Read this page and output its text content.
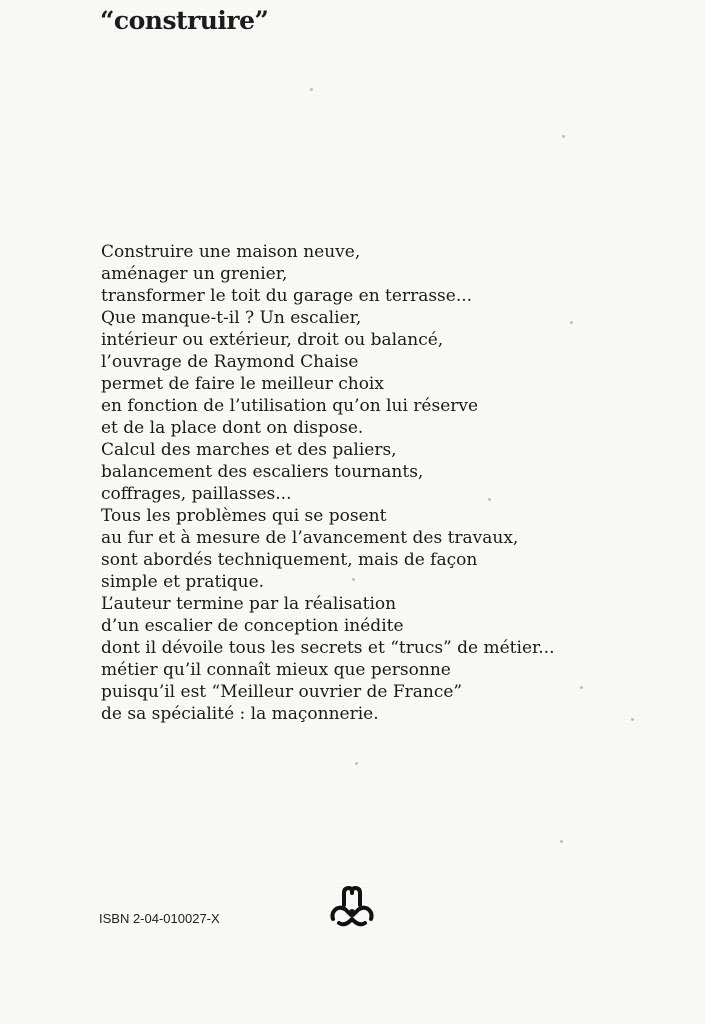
“construire”
Construire une maison neuve,
aménager un grenier,
transformer le toit du garage en terrasse...
Que manque-t-il ? Un escalier,
intérieur ou extérieur, droit ou balancé,
l’ouvrage de Raymond Chaise
permet de faire le meilleur choix
en fonction de l’utilisation qu’on lui réserve
et de la place dont on dispose.
Calcul des marches et des paliers,
balancement des escaliers tournants,
coffrages, paillasses...
Tous les problèmes qui se posent
au fur et à mesure de l’avancement des travaux,
sont abordés techniquement, mais de façon
simple et pratique.
L’auteur termine par la réalisation
d’un escalier de conception inédite
dont il dévoile tous les secrets et “trucs” de métier...
métier qu’il connaît mieux que personne
puisqu’il est “Meilleur ouvrier de France”
de sa spécialité : la maçonnerie.
ISBN 2-04-010027-X
